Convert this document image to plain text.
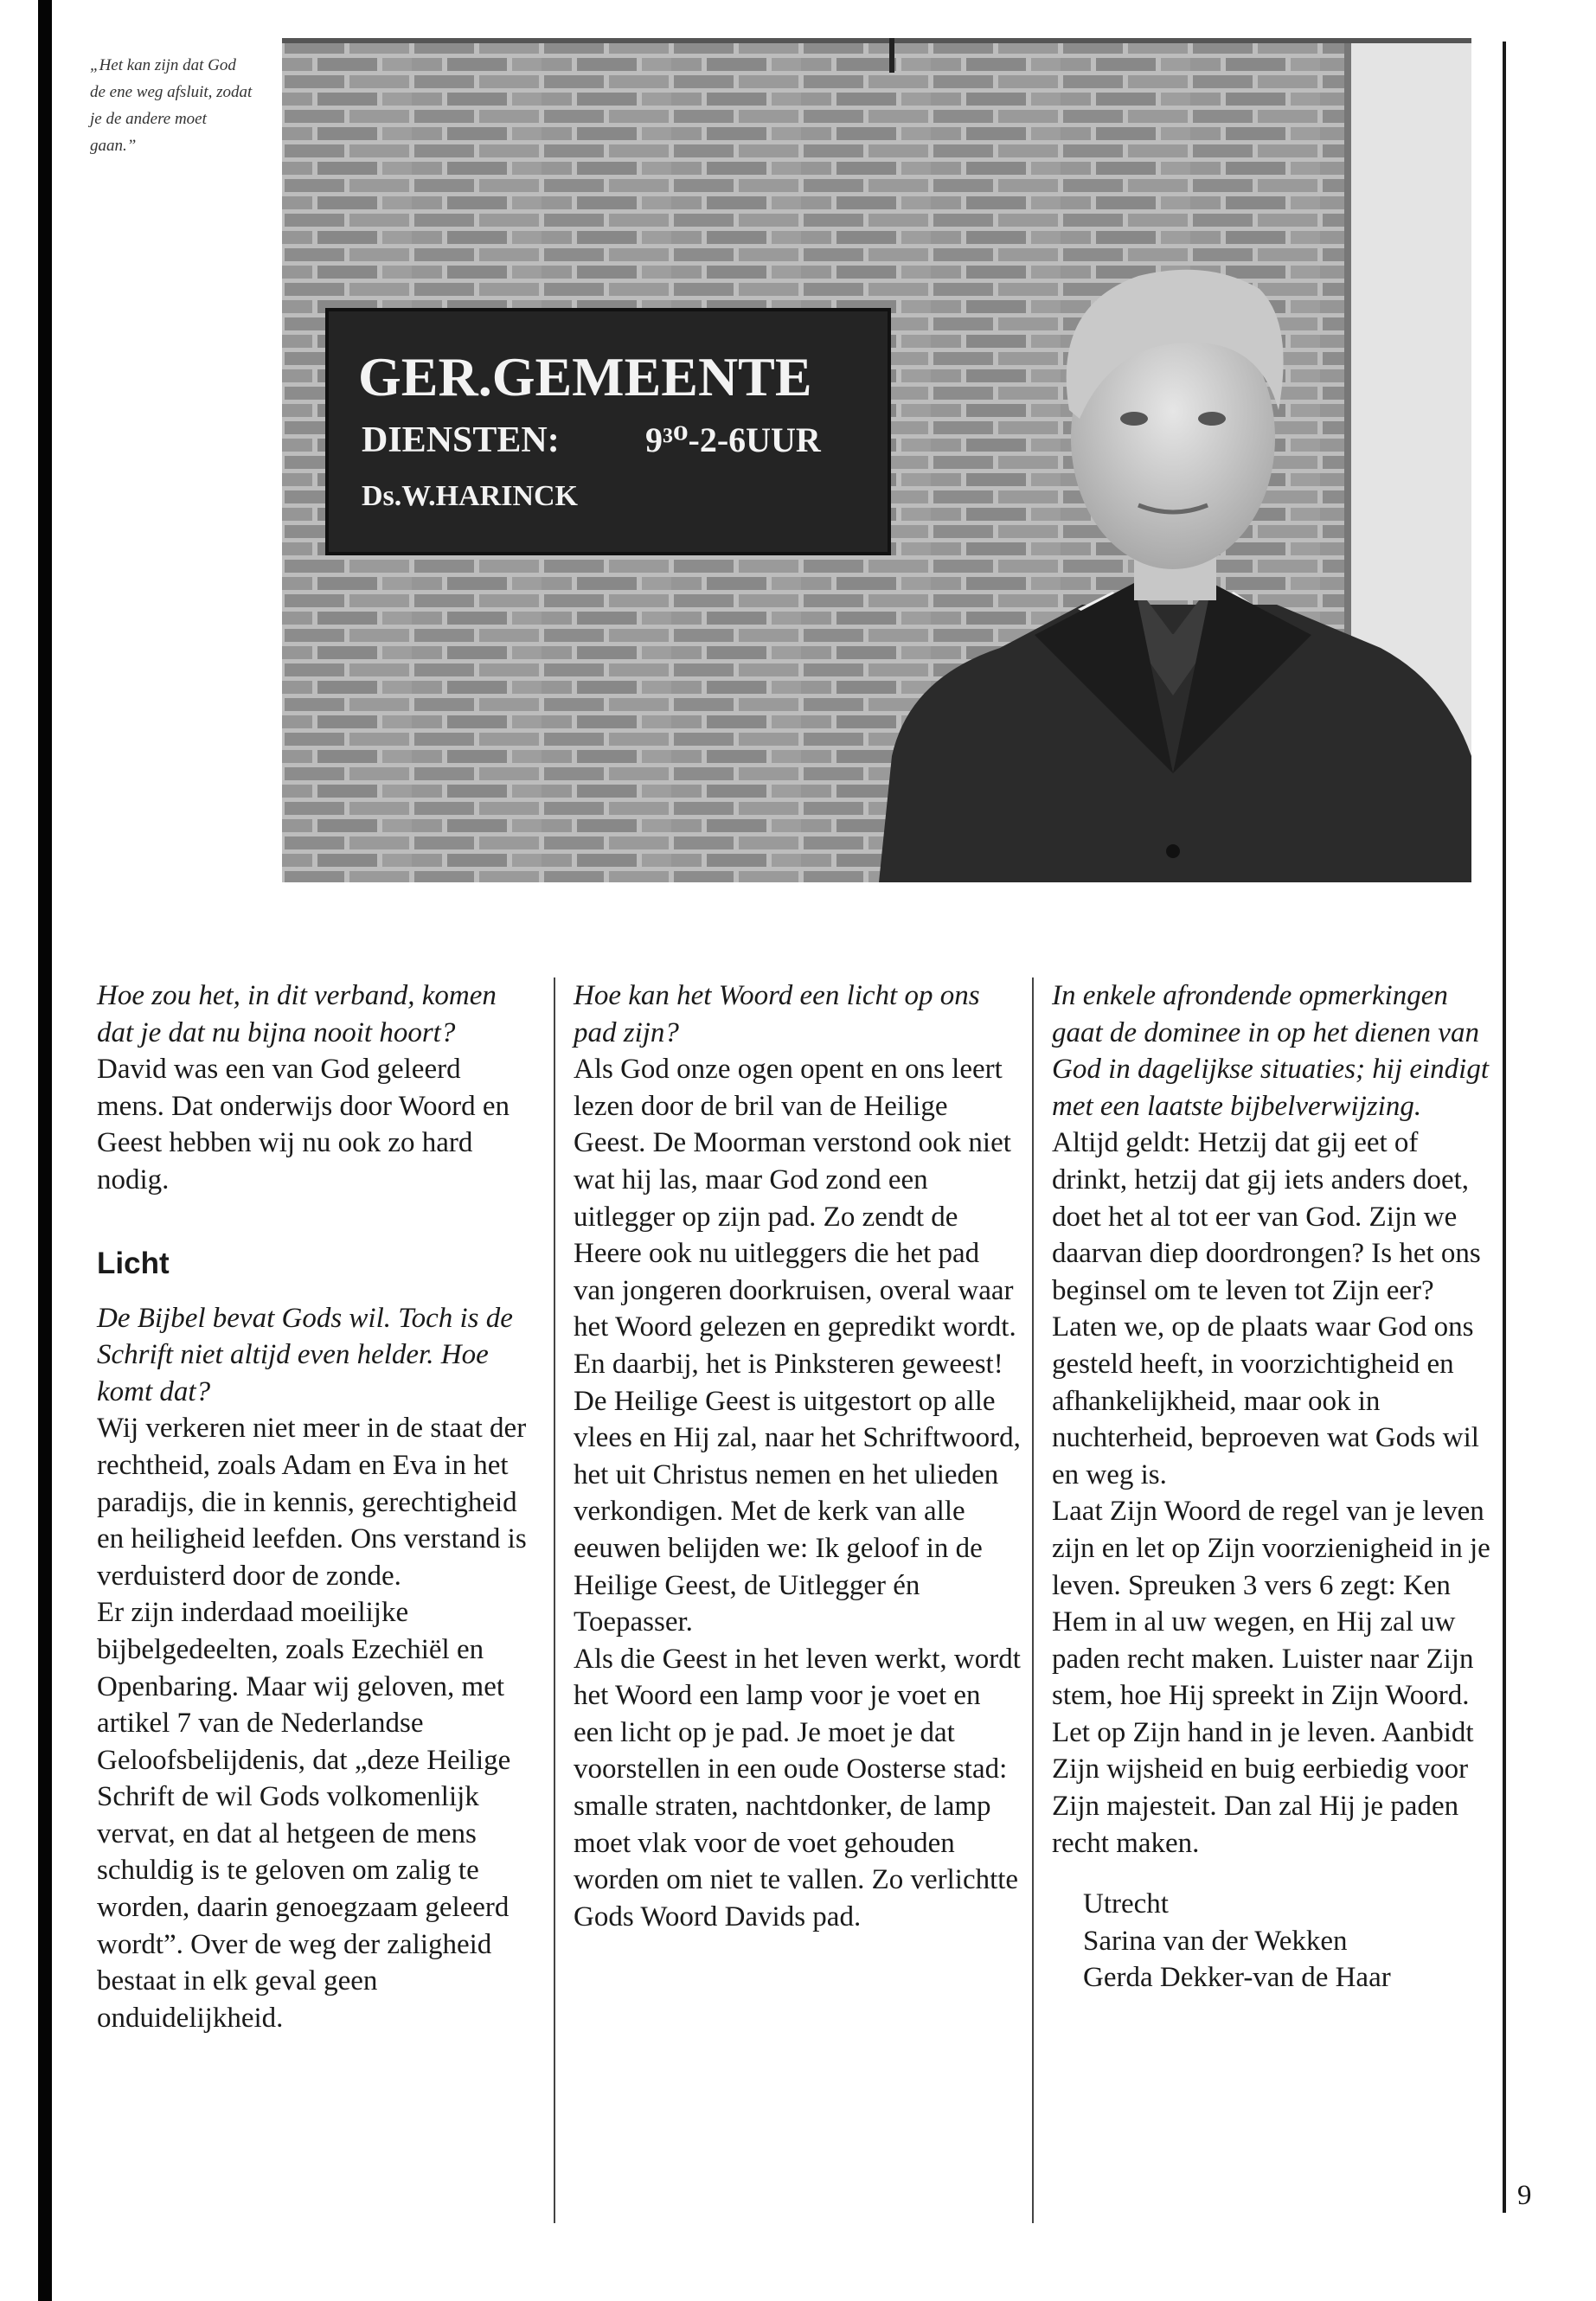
„Het kan zijn dat God de ene weg afsluit, zodat je de andere moet gaan.”
GER.GEMEENTE
DIENSTEN: 9³⁰-2-6UUR
Ds.W.HARINCK

Hoe zou het, in dit verband, komen dat je dat nu bijna nooit hoort?

David was een van God geleerd mens. Dat onderwijs door Woord en Geest hebben wij nu ook zo hard nodig.

Licht

De Bijbel bevat Gods wil. Toch is de Schrift niet altijd even helder. Hoe komt dat?

Wij verkeren niet meer in de staat der rechtheid, zoals Adam en Eva in het paradijs, die in kennis, gerechtigheid en heiligheid leefden. Ons verstand is verduisterd door de zonde.

Er zijn inderdaad moeilijke bijbelgedeelten, zoals Ezechiël en Openbaring. Maar wij geloven, met artikel 7 van de Nederlandse Geloofsbelijdenis, dat „deze Heilige Schrift de wil Gods volkomenlijk vervat, en dat al hetgeen de mens schuldig is te geloven om zalig te worden, daarin genoegzaam geleerd wordt”. Over de weg der zaligheid bestaat in elk geval geen onduidelijkheid.

Hoe kan het Woord een licht op ons pad zijn?

Als God onze ogen opent en ons leert lezen door de bril van de Heilige Geest. De Moorman verstond ook niet wat hij las, maar God zond een uitlegger op zijn pad. Zo zendt de Heere ook nu uitleggers die het pad van jongeren doorkruisen, overal waar het Woord gelezen en gepredikt wordt.

En daarbij, het is Pinksteren geweest! De Heilige Geest is uitgestort op alle vlees en Hij zal, naar het Schriftwoord, het uit Christus nemen en het ulieden verkondigen. Met de kerk van alle eeuwen belijden we: Ik geloof in de Heilige Geest, de Uitlegger én Toepasser.

Als die Geest in het leven werkt, wordt het Woord een lamp voor je voet en een licht op je pad. Je moet je dat voorstellen in een oude Oosterse stad: smalle straten, nachtdonker, de lamp moet vlak voor de voet gehouden worden om niet te vallen. Zo verlichtte Gods Woord Davids pad.

In enkele afrondende opmerkingen gaat de dominee in op het dienen van God in dagelijkse situaties; hij eindigt met een laatste bijbelverwijzing.

Altijd geldt: Hetzij dat gij eet of drinkt, hetzij dat gij iets anders doet, doet het al tot eer van God. Zijn we daarvan diep doordrongen? Is het ons beginsel om te leven tot Zijn eer? Laten we, op de plaats waar God ons gesteld heeft, in voorzichtigheid en afhankelijkheid, maar ook in nuchterheid, beproeven wat Gods wil en weg is.

Laat Zijn Woord de regel van je leven zijn en let op Zijn voorzienigheid in je leven. Spreuken 3 vers 6 zegt: Ken Hem in al uw wegen, en Hij zal uw paden recht maken. Luister naar Zijn stem, hoe Hij spreekt in Zijn Woord. Let op Zijn hand in je leven. Aanbidt Zijn wijsheid en buig eerbiedig voor Zijn majesteit. Dan zal Hij je paden recht maken.

Utrecht

Sarina van der Wekken

Gerda Dekker-van de Haar

9
